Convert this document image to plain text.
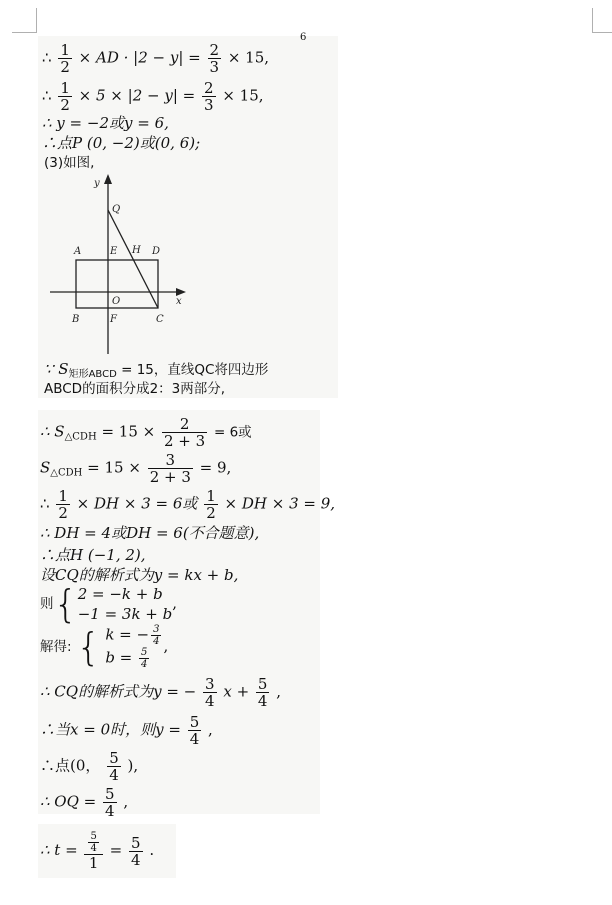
6
∴ $\frac{1}{2}$ × AD · $|2 - y| = \frac{2}{3} \times 15$,
∴ $\frac{1}{2} \times 5 \times |2 - y| = \frac{2}{3} \times 15$,
∴ y = −2或y = 6,
∴点P (0, −2)或(0, 6);
(3)如图,
y
Q
A	E H D
O	x
B	F	C
∵ $S_{矩形ABCD} = 15$，直线QC将四边形
ABCD的面积分成2：3两部分,
∴ $S_{\triangle CDH} = 15 \times \frac{2}{2 + 3} = 6$或
$S_{\triangle CDH} = 15 \times \frac{3}{2 + 3} = 9$,
∴ $\frac{1}{2}$ × DH × 3 = 6或 $\frac{1}{2}$ × DH × 3 = 9,
∴ DH = 4或DH = 6(不合题意),
∴点H (−1, 2),
设CQ的解析式为y = kx + b,
则{ 2 = −k + b
−1 = 3k + b
,
解得: { k = − $\frac{3}{4}$
$b = \frac{5}{4}$
,
∴ CQ的解析式为y = − $\frac{3}{4}$ $x + \frac{5}{4}$ ,
∴当x = 0时，则$y = \frac{5}{4}$ ,
∴点(0， $\frac{5}{4}$ ),
∴ OQ = $\frac{5}{4}$ ,
∴ $t = \frac{\frac{5}{4}}{1} = \frac{5}{4}$ .
